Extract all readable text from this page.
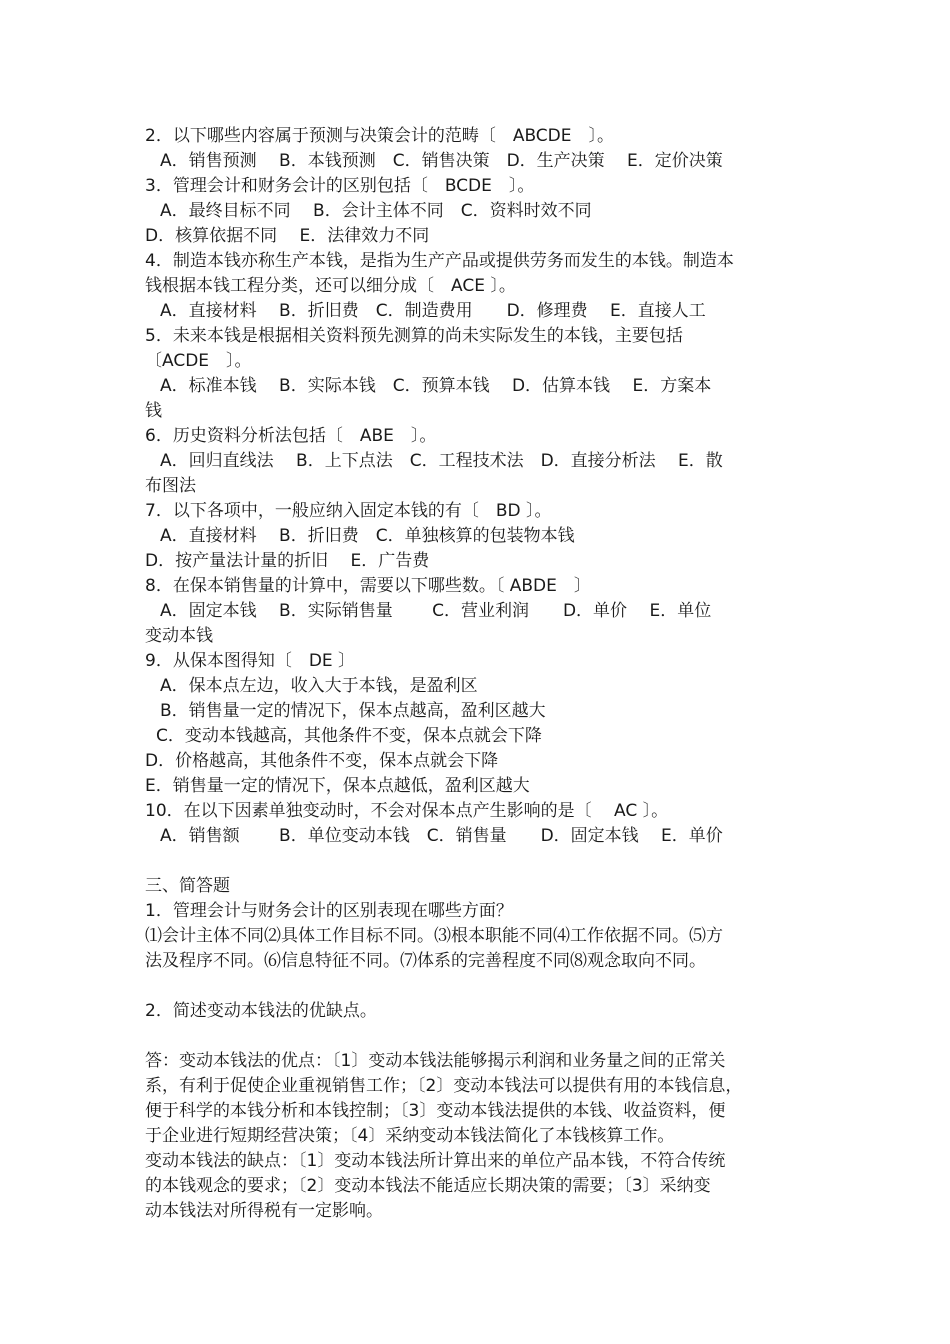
2．以下哪些内容属于预测与决策会计的范畴〔　ABCDE　〕。

A．销售预测　 B．本钱预测　C．销售决策　D．生产决策　 E．定价决策

3．管理会计和财务会计的区别包括〔　BCDE　〕。

A．最终目标不同　 B．会计主体不同　C．资料时效不同

D．核算依据不同　 E．法律效力不同

4．制造本钱亦称生产本钱，是指为生产产品或提供劳务而发生的本钱。制造本

钱根据本钱工程分类，还可以细分成〔　ACE 〕。

A．直接材料　 B．折旧费　C．制造费用　　D．修理费　 E．直接人工

5．未来本钱是根据相关资料预先测算的尚未实际发生的本钱，主要包括

〔ACDE　〕。

A．标准本钱　 B．实际本钱　C．预算本钱　 D．估算本钱　 E．方案本

钱

6．历史资料分析法包括〔　ABE　〕。

A．回归直线法　 B．上下点法　C．工程技术法　D．直接分析法　 E．散

布图法

7．以下各项中，一般应纳入固定本钱的有〔　BD 〕。

A．直接材料　 B．折旧费　C．单独核算的包装物本钱

D．按产量法计量的折旧　 E．广告费

8．在保本销售量的计算中，需要以下哪些数。〔 ABDE　〕

A．固定本钱　 B．实际销售量　　 C．营业利润　　D．单价　 E．单位

变动本钱

9．从保本图得知〔　DE 〕

A．保本点左边，收入大于本钱，是盈利区

B．销售量一定的情况下，保本点越高，盈利区越大

C．变动本钱越高，其他条件不变，保本点就会下降

D．价格越高，其他条件不变，保本点就会下降

E．销售量一定的情况下，保本点越低，盈利区越大

10．在以下因素单独变动时，不会对保本点产生影响的是〔　 AC 〕。

A．销售额　　 B．单位变动本钱　C．销售量　　D．固定本钱　 E．单价

三、简答题

1．管理会计与财务会计的区别表现在哪些方面？

⑴会计主体不同⑵具体工作目标不同。⑶根本职能不同⑷工作依据不同。⑸方

法及程序不同。⑹信息特征不同。⑺体系的完善程度不同⑻观念取向不同。

2．简述变动本钱法的优缺点。

答：变动本钱法的优点：〔1〕变动本钱法能够揭示利润和业务量之间的正常关

系，有利于促使企业重视销售工作；〔2〕变动本钱法可以提供有用的本钱信息，

便于科学的本钱分析和本钱控制；〔3〕变动本钱法提供的本钱、收益资料，便

于企业进行短期经营决策；〔4〕采纳变动本钱法简化了本钱核算工作。

变动本钱法的缺点：〔1〕变动本钱法所计算出来的单位产品本钱，不符合传统

的本钱观念的要求；〔2〕变动本钱法不能适应长期决策的需要；〔3〕采纳变

动本钱法对所得税有一定影响。
